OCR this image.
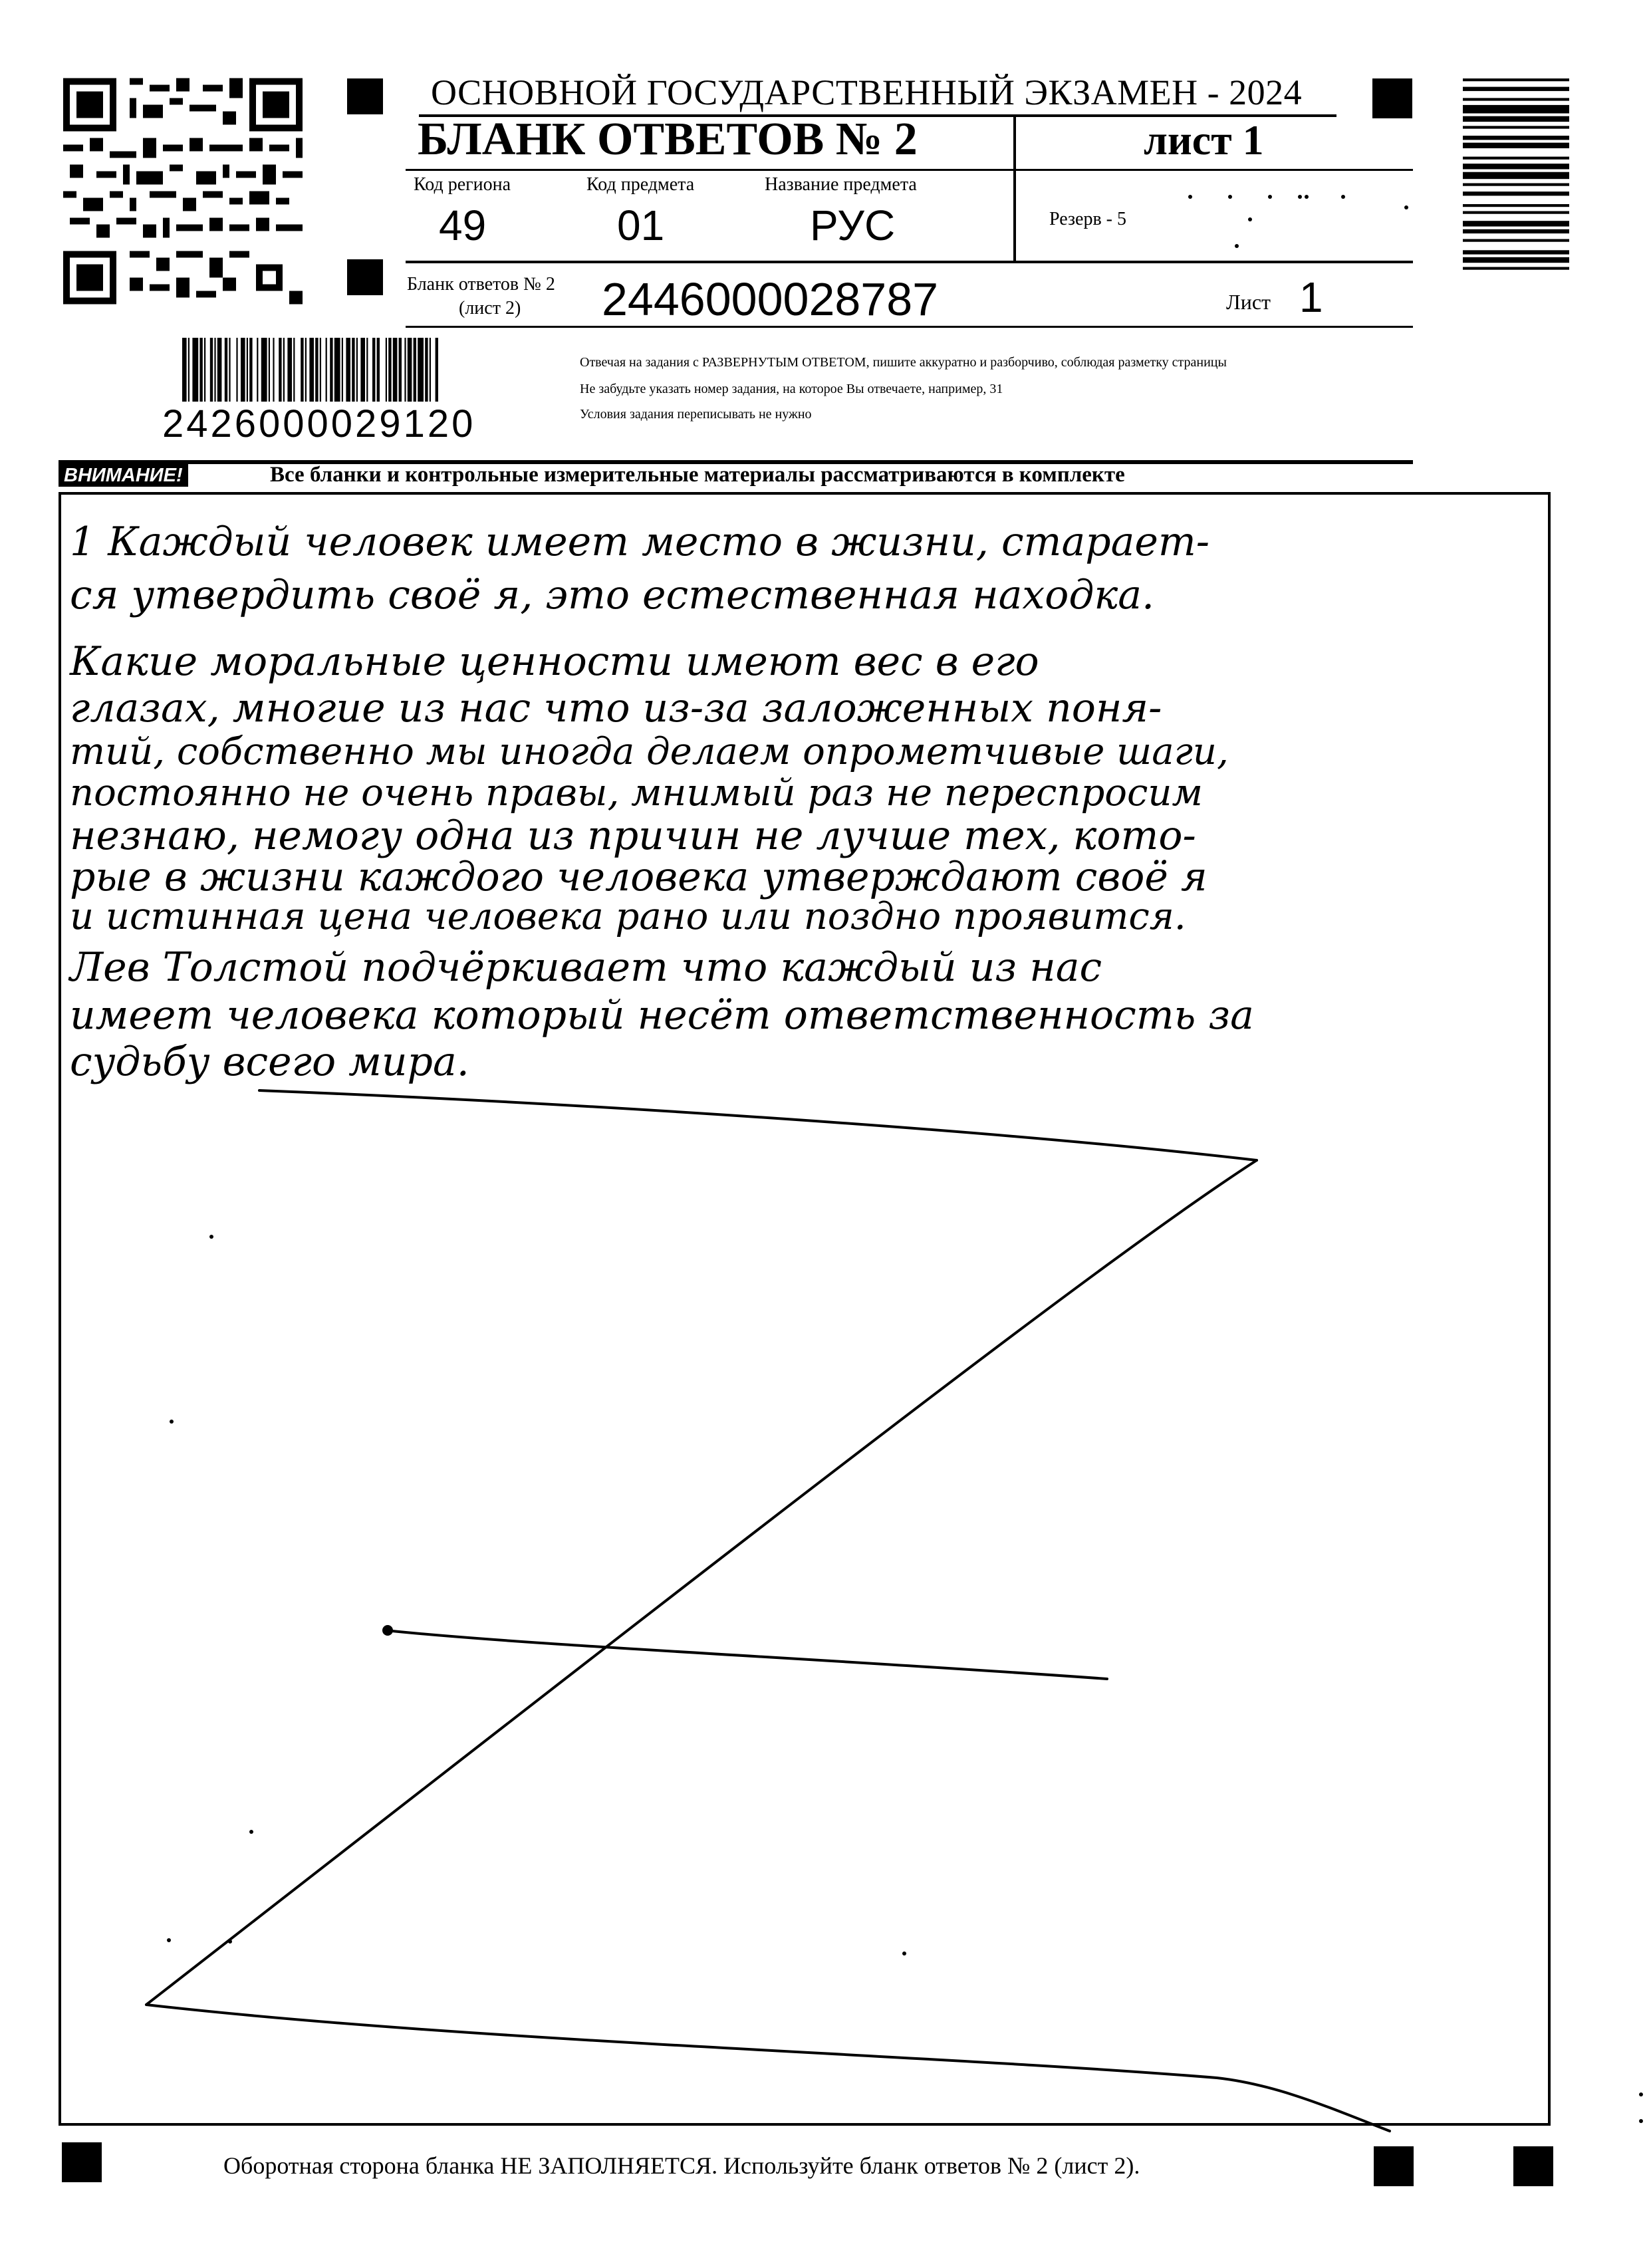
ОСНОВНОЙ ГОСУДАРСТВЕННЫЙ ЭКЗАМЕН - 2024
БЛАНК ОТВЕТОВ № 2	лист 1
Код региона
49
Код предмета
01
Название предмета
РУС	Резерв - 5
Бланк ответов № 2
(лист 2) 2446000028787	Лист 1
2426000029120
Отвечая на задания с РАЗВЕРНУТЫМ ОТВЕТОМ, пишите аккуратно и разборчиво, соблюдая разметку страницы
Не забудьте указать номер задания, на которое Вы отвечаете, например, 31
Условия задания переписывать не нужно
ВНИМАНИЕ!	Все бланки и контрольные измерительные материалы рассматриваются в комплекте
1 Каждый человек имеет место в жизни, старает-
ся утвердить своё я, это естественная находка.
Какие моральные ценности имеют вес в его
глазах, многие из нас что из-за заложенных поня-
тий, собственно мы иногда делаем опрометчивые шаги,
постоянно не очень правы, мнимый раз не переспросим
незнаю, немогу одна из причин не лучше тех, кото-
рые в жизни каждого человека утверждают своё я
и истинная цена человека рано или поздно проявится.
Лев Толстой подчёркивает что каждый из нас
имеет человека который несёт ответственность за
судьбу всего мира.
Оборотная сторона бланка НЕ ЗАПОЛНЯЕТСЯ. Используйте бланк ответов № 2 (лист 2).
